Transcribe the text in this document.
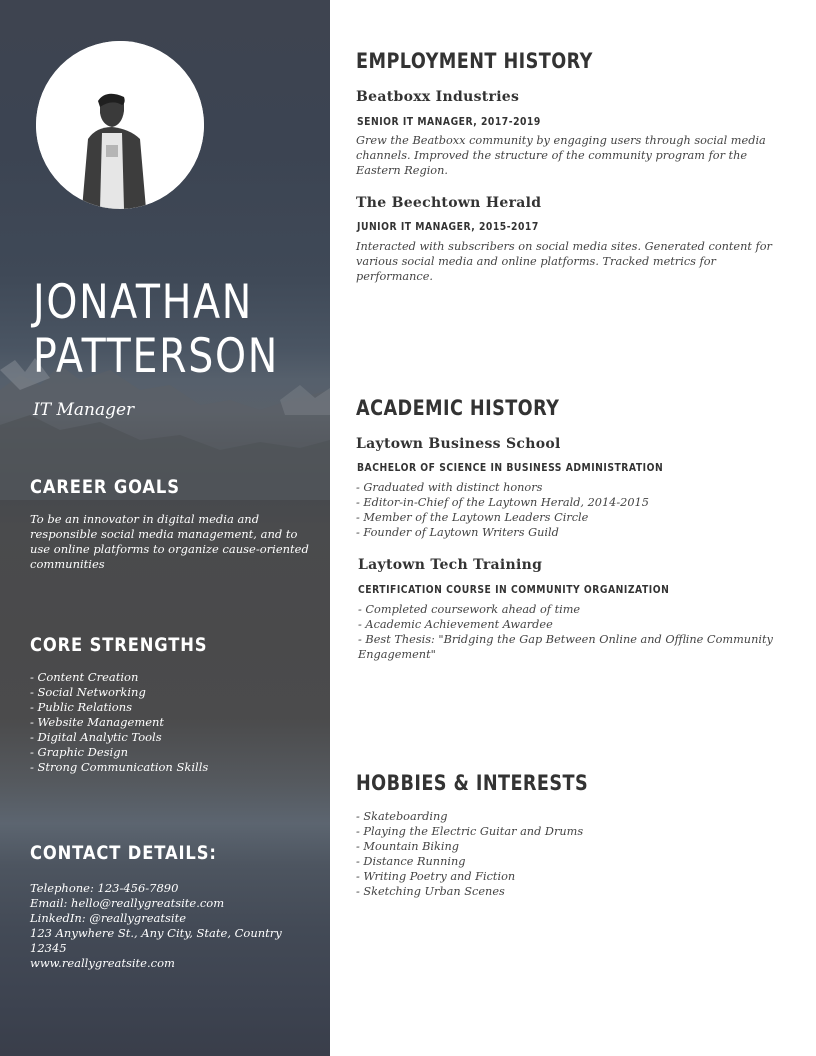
JONATHAN
PATTERSON

IT Manager

CAREER GOALS

To be an innovator in digital media and responsible social media management, and to use online platforms to organize cause-oriented communities

CORE STRENGTHS
- Content Creation
- Social Networking
- Public Relations
- Website Management
- Digital Analytic Tools
- Graphic Design
- Strong Communication Skills
CONTACT DETAILS:
Telephone: 123-456-7890
Email: hello@reallygreatsite.com
LinkedIn: @reallygreatsite
123 Anywhere St., Any City, State, Country 12345
www.reallygreatsite.com
EMPLOYMENT HISTORY
Beatboxx Industries
SENIOR IT MANAGER, 2017-2019

Grew the Beatboxx community by engaging users through social media channels. Improved the structure of the community program for the Eastern Region.

The Beechtown Herald
JUNIOR IT MANAGER, 2015-2017

Interacted with subscribers on social media sites. Generated content for various social media and online platforms. Tracked metrics for performance.

ACADEMIC HISTORY
Laytown Business School
BACHELOR OF SCIENCE IN BUSINESS ADMINISTRATION
- Graduated with distinct honors
- Editor-in-Chief of the Laytown Herald, 2014-2015
- Member of the Laytown Leaders Circle
- Founder of Laytown Writers Guild
Laytown Tech Training
CERTIFICATION COURSE IN COMMUNITY ORGANIZATION
- Completed coursework ahead of time
- Academic Achievement Awardee
- Best Thesis: "Bridging the Gap Between Online and Offline Community Engagement"
HOBBIES & INTERESTS
- Skateboarding
- Playing the Electric Guitar and Drums
- Mountain Biking
- Distance Running
- Writing Poetry and Fiction
- Sketching Urban Scenes
